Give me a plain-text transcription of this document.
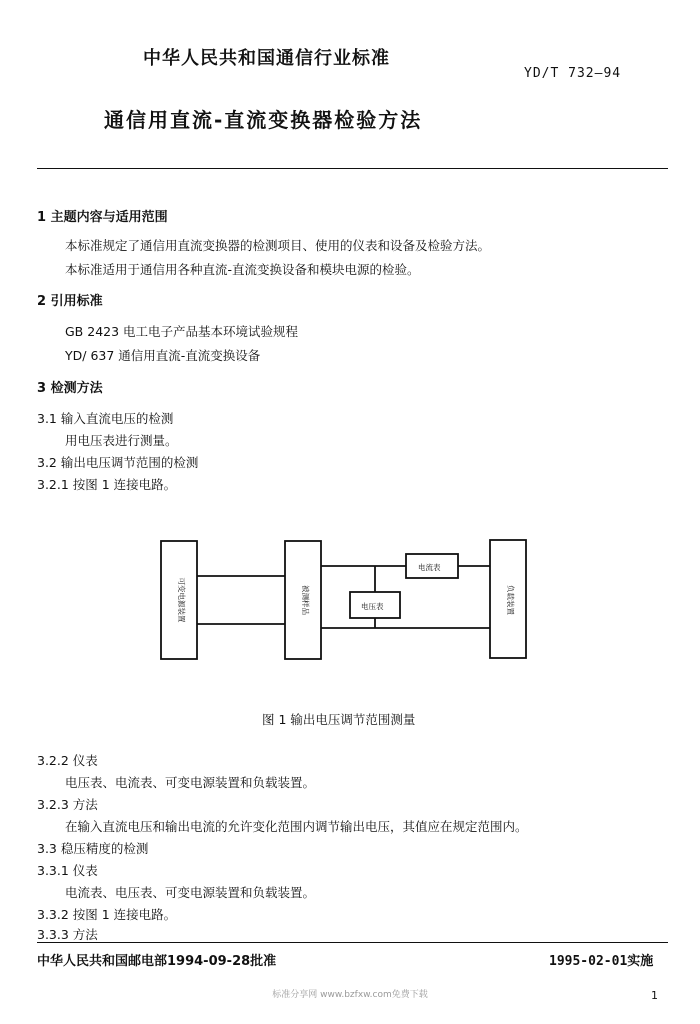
中华人民共和国通信行业标准
YD/T 732—94
通信用直流-直流变换器检验方法
1 主题内容与适用范围
本标准规定了通信用直流变换器的检测项目、使用的仪表和设备及检验方法。
本标准适用于通信用各种直流-直流变换设备和模块电源的检验。
2 引用标准
GB 2423 电工电子产品基本环境试验规程
YD/ 637 通信用直流-直流变换设备
3 检测方法
3.1 输入直流电压的检测
用电压表进行测量。
3.2 输出电压调节范围的检测
3.2.1 按图 1 连接电路。
电流表
电压表
可变电源装置	被测样品	负载装置
图 1 输出电压调节范围测量
3.2.2 仪表
电压表、电流表、可变电源装置和负载装置。
3.2.3 方法
在输入直流电压和输出电流的允许变化范围内调节输出电压，其值应在规定范围内。
3.3 稳压精度的检测
3.3.1 仪表
电流表、电压表、可变电源装置和负载装置。
3.3.2 按图 1 连接电路。
3.3.3 方法
中华人民共和国邮电部1994-09-28批准	1995-02-01实施
标准分享网 www.bzfxw.com免费下载	1
